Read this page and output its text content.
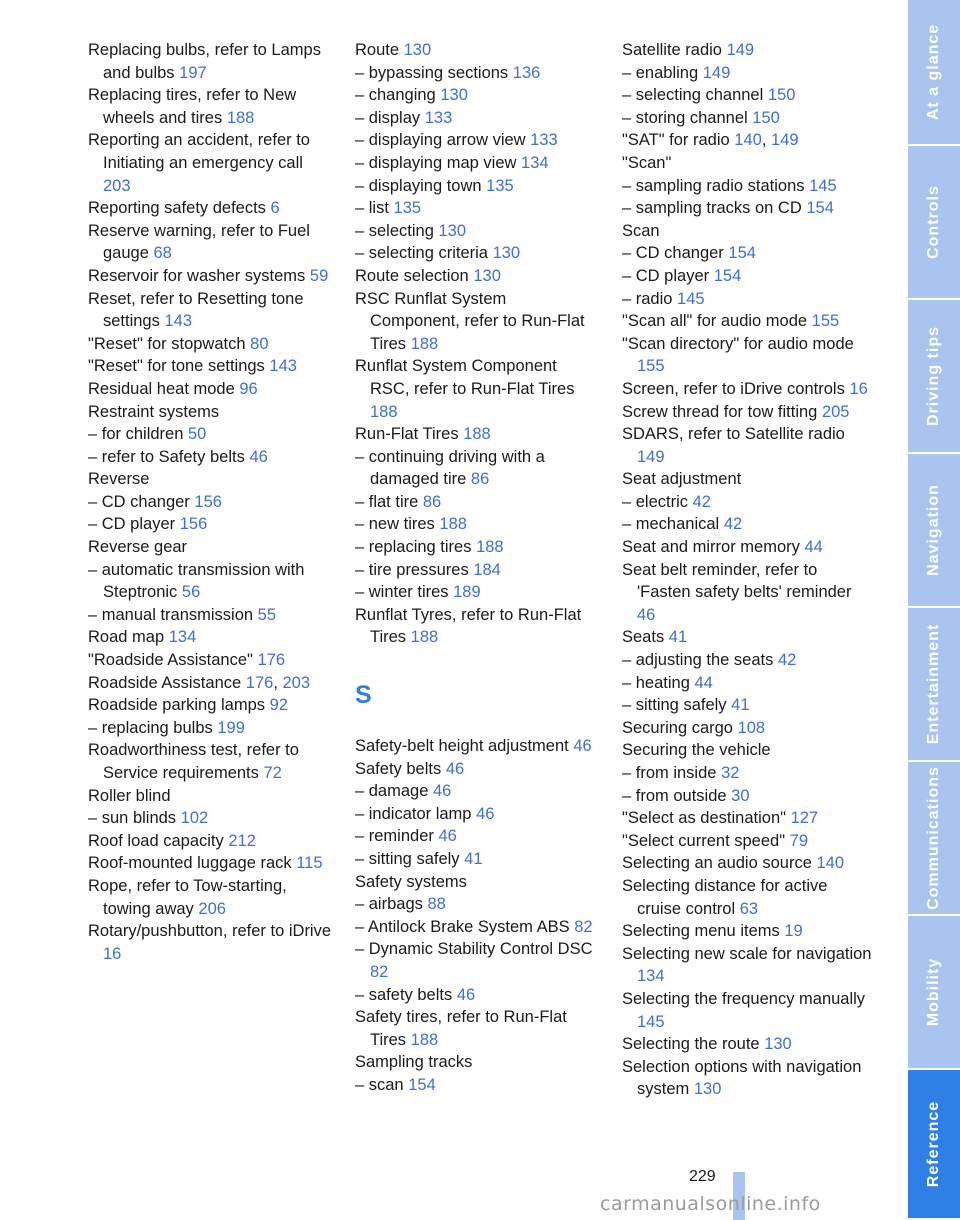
Replacing bulbs, refer to Lamps and bulbs 197

Replacing tires, refer to New wheels and tires 188

Reporting an accident, refer to Initiating an emergency call 203

Reporting safety defects 6

Reserve warning, refer to Fuel gauge 68

Reservoir for washer systems 59

Reset, refer to Resetting tone settings 143

"Reset" for stopwatch 80

"Reset" for tone settings 143

Residual heat mode 96

Restraint systems

– for children 50

– refer to Safety belts 46

Reverse

– CD changer 156

– CD player 156

Reverse gear

– automatic transmission with Steptronic 56

– manual transmission 55

Road map 134

"Roadside Assistance" 176

Roadside Assistance 176, 203

Roadside parking lamps 92

– replacing bulbs 199

Roadworthiness test, refer to Service requirements 72

Roller blind

– sun blinds 102

Roof load capacity 212

Roof-mounted luggage rack 115

Rope, refer to Tow-starting, towing away 206

Rotary/pushbutton, refer to iDrive 16

Route 130

– bypassing sections 136

– changing 130

– display 133

– displaying arrow view 133

– displaying map view 134

– displaying town 135

– list 135

– selecting 130

– selecting criteria 130

Route selection 130

RSC Runflat System Component, refer to Run-Flat Tires 188

Runflat System Component RSC, refer to Run-Flat Tires 188

Run-Flat Tires 188

– continuing driving with a damaged tire 86

– flat tire 86

– new tires 188

– replacing tires 188

– tire pressures 184

– winter tires 189

Runflat Tyres, refer to Run-Flat Tires 188

S

Safety-belt height adjustment 46

Safety belts 46

– damage 46

– indicator lamp 46

– reminder 46

– sitting safely 41

Safety systems

– airbags 88

– Antilock Brake System ABS 82

– Dynamic Stability Control DSC 82

– safety belts 46

Safety tires, refer to Run-Flat Tires 188

Sampling tracks

– scan 154

Satellite radio 149

– enabling 149

– selecting channel 150

– storing channel 150

"SAT" for radio 140, 149

"Scan"

– sampling radio stations 145

– sampling tracks on CD 154

Scan

– CD changer 154

– CD player 154

– radio 145

"Scan all" for audio mode 155

"Scan directory" for audio mode 155

Screen, refer to iDrive controls 16

Screw thread for tow fitting 205

SDARS, refer to Satellite radio 149

Seat adjustment

– electric 42

– mechanical 42

Seat and mirror memory 44

Seat belt reminder, refer to 'Fasten safety belts' reminder 46

Seats 41

– adjusting the seats 42

– heating 44

– sitting safely 41

Securing cargo 108

Securing the vehicle

– from inside 32

– from outside 30

"Select as destination" 127

"Select current speed" 79

Selecting an audio source 140

Selecting distance for active cruise control 63

Selecting menu items 19

Selecting new scale for navigation 134

Selecting the frequency manually 145

Selecting the route 130

Selection options with navigation system 130

At a glance
Controls
Driving tips
Navigation
Entertainment
Communications
Mobility
Reference
229
carmanualsonline.info
